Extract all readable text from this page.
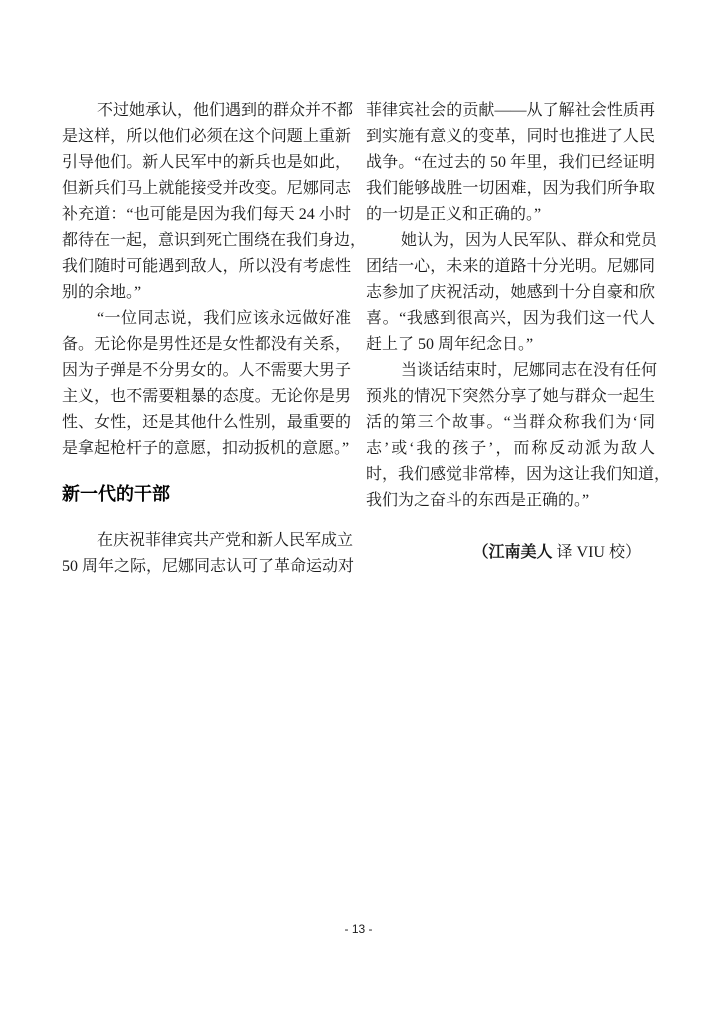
不过她承认，他们遇到的群众并不都
是这样，所以他们必须在这个问题上重新
引导他们。新人民军中的新兵也是如此，
但新兵们马上就能接受并改变。尼娜同志
补充道：“也可能是因为我们每天 24 小时
都待在一起，意识到死亡围绕在我们身边，
我们随时可能遇到敌人，所以没有考虑性
别的余地。”
“一位同志说，我们应该永远做好准
备。无论你是男性还是女性都没有关系，
因为子弹是不分男女的。人不需要大男子
主义，也不需要粗暴的态度。无论你是男
性、女性，还是其他什么性别，最重要的
是拿起枪杆子的意愿，扣动扳机的意愿。”
新一代的干部
在庆祝菲律宾共产党和新人民军成立
50 周年之际，尼娜同志认可了革命运动对
菲律宾社会的贡献——从了解社会性质再
到实施有意义的变革，同时也推进了人民
战争。“在过去的 50 年里，我们已经证明
我们能够战胜一切困难，因为我们所争取
的一切是正义和正确的。”
她认为，因为人民军队、群众和党员
团结一心，未来的道路十分光明。尼娜同
志参加了庆祝活动，她感到十分自豪和欣
喜。“我感到很高兴，因为我们这一代人
赶上了 50 周年纪念日。”
当谈话结束时，尼娜同志在没有任何
预兆的情况下突然分享了她与群众一起生
活的第三个故事。“当群众称我们为‘同
志’或‘我的孩子’，而称反动派为敌人
时，我们感觉非常棒，因为这让我们知道，
我们为之奋斗的东西是正确的。”
（江南美人 译 VIU 校）
- 13 -
